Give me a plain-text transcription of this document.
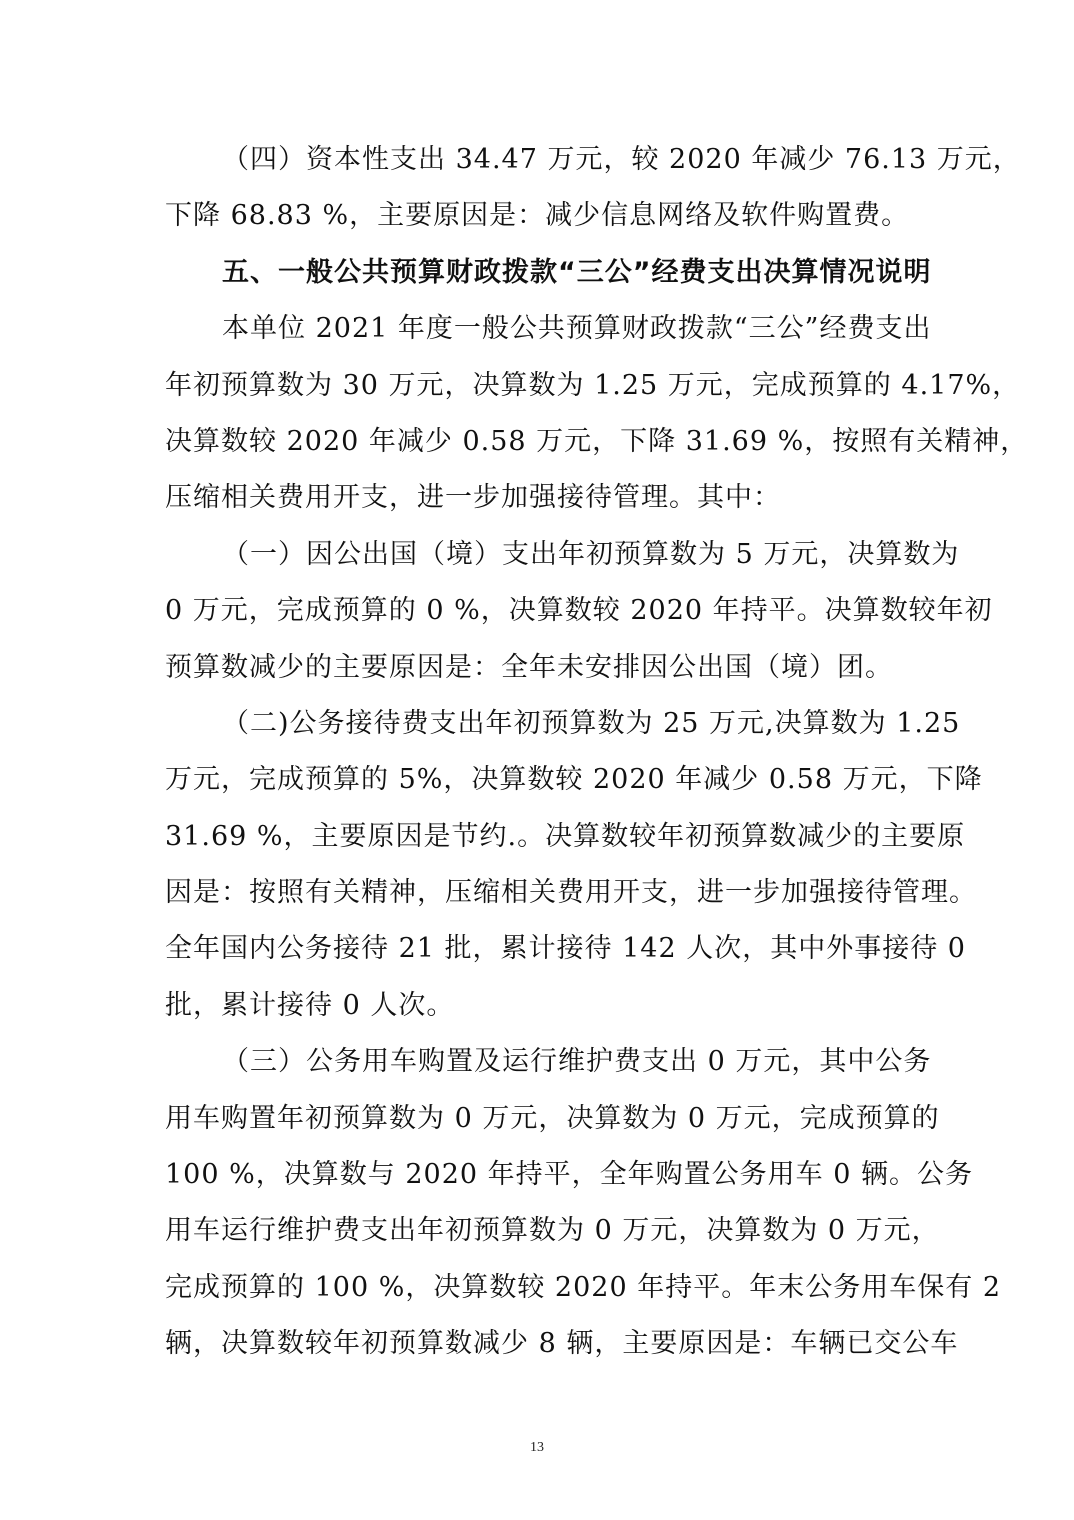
（四）资本性支出 34.47 万元，较 2020 年减少 76.13 万元，
下降 68.83 %，主要原因是：减少信息网络及软件购置费。
五、一般公共预算财政拨款“三公”经费支出决算情况说明
本单位 2021 年度一般公共预算财政拨款“三公”经费支出
年初预算数为 30 万元，决算数为 1.25 万元，完成预算的 4.17%，
决算数较 2020 年减少 0.58 万元，下降 31.69 %，按照有关精神，
压缩相关费用开支，进一步加强接待管理。其中：
（一）因公出国（境）支出年初预算数为 5 万元，决算数为
0 万元，完成预算的 0 %，决算数较 2020 年持平。决算数较年初
预算数减少的主要原因是：全年未安排因公出国（境）团。
（二)公务接待费支出年初预算数为 25 万元,决算数为 1.25
万元，完成预算的 5%，决算数较 2020 年减少 0.58 万元，下降
31.69 %，主要原因是节约.。决算数较年初预算数减少的主要原
因是：按照有关精神，压缩相关费用开支，进一步加强接待管理。
全年国内公务接待 21 批，累计接待 142 人次，其中外事接待 0
批，累计接待 0 人次。
（三）公务用车购置及运行维护费支出 0 万元，其中公务
用车购置年初预算数为 0 万元，决算数为 0 万元，完成预算的
100 %，决算数与 2020 年持平，全年购置公务用车 0 辆。公务
用车运行维护费支出年初预算数为 0 万元，决算数为 0 万元，
完成预算的 100 %，决算数较 2020 年持平。年末公务用车保有 2
辆，决算数较年初预算数减少 8 辆，主要原因是：车辆已交公车
13
